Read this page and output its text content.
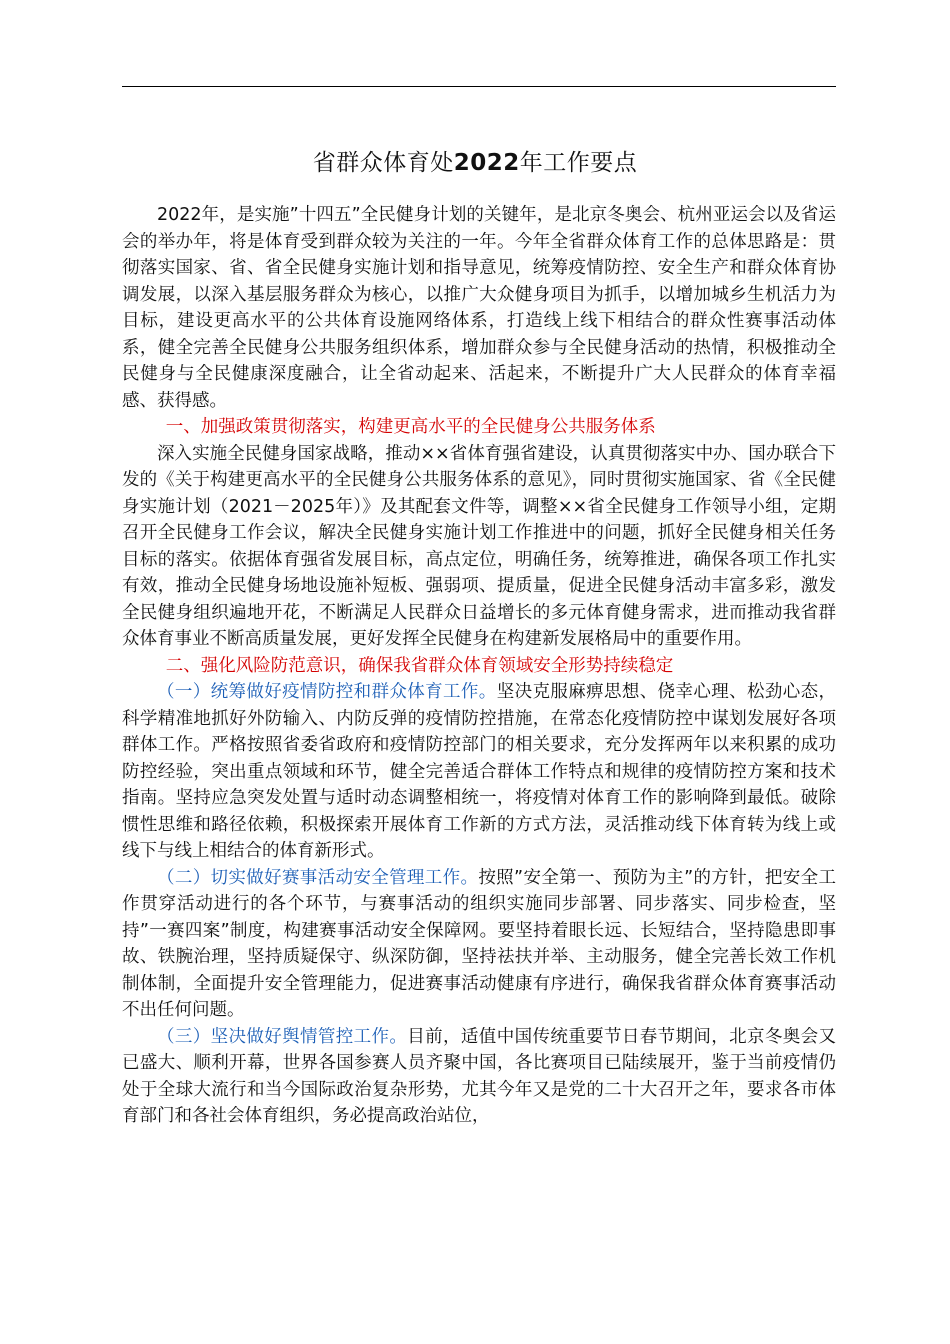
省群众体育处2022年工作要点

2022年，是实施”十四五”全民健身计划的关键年，是北京冬奥会、杭州亚运会以及省运会的举办年，将是体育受到群众较为关注的一年。今年全省群众体育工作的总体思路是：贯彻落实国家、省、省全民健身实施计划和指导意见，统筹疫情防控、安全生产和群众体育协调发展，以深入基层服务群众为核心，以推广大众健身项目为抓手，以增加城乡生机活力为目标，建设更高水平的公共体育设施网络体系，打造线上线下相结合的群众性赛事活动体系，健全完善全民健身公共服务组织体系，增加群众参与全民健身活动的热情，积极推动全民健身与全民健康深度融合，让全省动起来、活起来，不断提升广大人民群众的体育幸福感、获得感。

一、加强政策贯彻落实，构建更高水平的全民健身公共服务体系

深入实施全民健身国家战略，推动××省体育强省建设，认真贯彻落实中办、国办联合下发的《关于构建更高水平的全民健身公共服务体系的意见》，同时贯彻实施国家、省《全民健身实施计划（2021－2025年）》及其配套文件等，调整××省全民健身工作领导小组，定期召开全民健身工作会议，解决全民健身实施计划工作推进中的问题，抓好全民健身相关任务目标的落实。依据体育强省发展目标，高点定位，明确任务，统筹推进，确保各项工作扎实有效，推动全民健身场地设施补短板、强弱项、提质量，促进全民健身活动丰富多彩，激发全民健身组织遍地开花，不断满足人民群众日益增长的多元体育健身需求，进而推动我省群众体育事业不断高质量发展，更好发挥全民健身在构建新发展格局中的重要作用。

二、强化风险防范意识，确保我省群众体育领域安全形势持续稳定

（一）统筹做好疫情防控和群众体育工作。坚决克服麻痹思想、侥幸心理、松劲心态，科学精准地抓好外防输入、内防反弹的疫情防控措施，在常态化疫情防控中谋划发展好各项群体工作。严格按照省委省政府和疫情防控部门的相关要求，充分发挥两年以来积累的成功防控经验，突出重点领域和环节，健全完善适合群体工作特点和规律的疫情防控方案和技术指南。坚持应急突发处置与适时动态调整相统一，将疫情对体育工作的影响降到最低。破除惯性思维和路径依赖，积极探索开展体育工作新的方式方法，灵活推动线下体育转为线上或线下与线上相结合的体育新形式。

（二）切实做好赛事活动安全管理工作。按照”安全第一、预防为主”的方针，把安全工作贯穿活动进行的各个环节，与赛事活动的组织实施同步部署、同步落实、同步检查，坚持”一赛四案”制度，构建赛事活动安全保障网。要坚持着眼长远、长短结合，坚持隐患即事故、铁腕治理，坚持质疑保守、纵深防御，坚持祛扶并举、主动服务，健全完善长效工作机制体制，全面提升安全管理能力，促进赛事活动健康有序进行，确保我省群众体育赛事活动不出任何问题。

（三）坚决做好舆情管控工作。目前，适值中国传统重要节日春节期间，北京冬奥会又已盛大、顺利开幕，世界各国参赛人员齐聚中国，各比赛项目已陆续展开，鉴于当前疫情仍处于全球大流行和当今国际政治复杂形势，尤其今年又是党的二十大召开之年，要求各市体育部门和各社会体育组织，务必提高政治站位，
